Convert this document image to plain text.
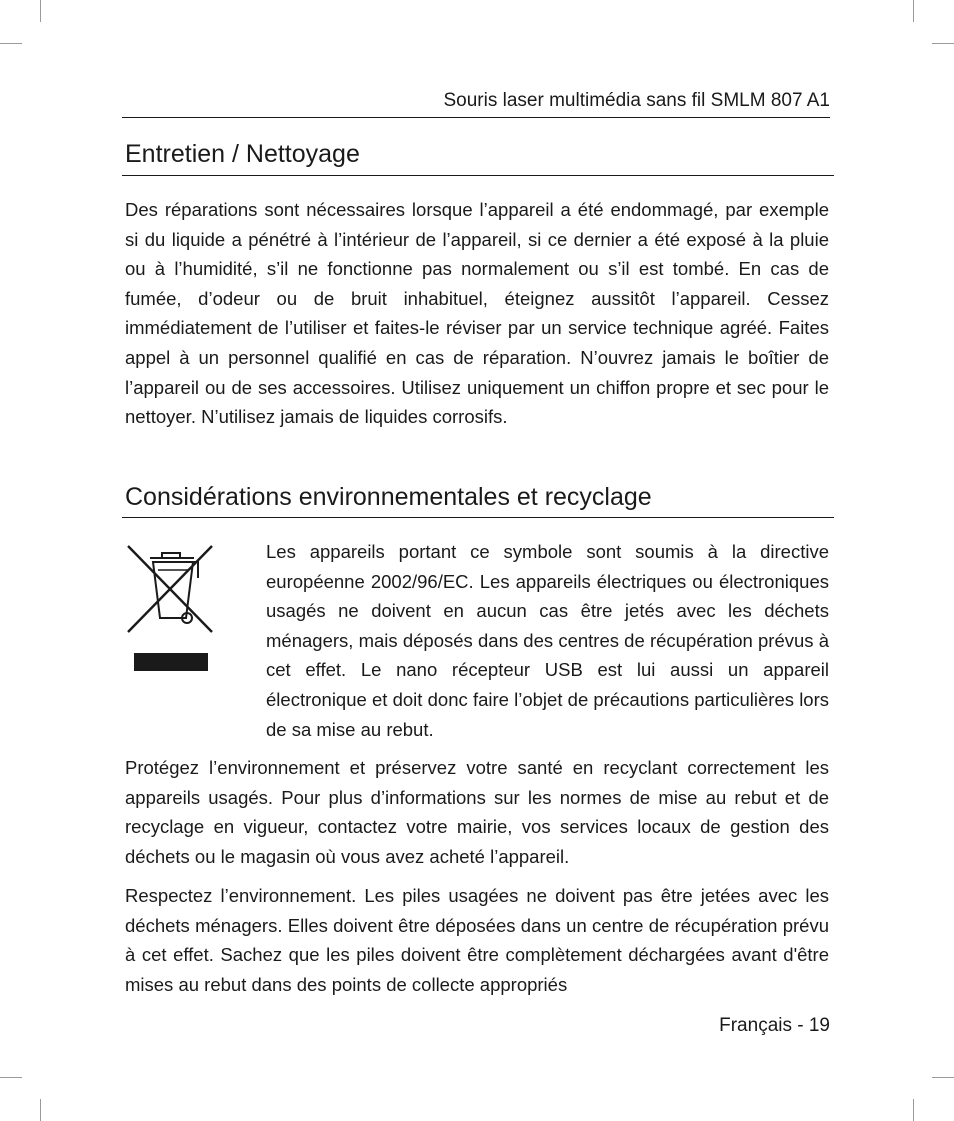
Souris laser multimédia sans fil SMLM 807 A1
Entretien / Nettoyage

Des réparations sont nécessaires lorsque l’appareil a été endommagé, par exemple si du liquide a pénétré à l’intérieur de l’appareil, si ce dernier a été exposé à la pluie ou à l’humidité, s’il ne fonctionne pas normalement ou s’il est tombé. En cas de fumée, d’odeur ou de bruit inhabituel, éteignez aussitôt l’appareil. Cessez immédiatement de l’utiliser et faites-le réviser par un service technique agréé. Faites appel à un personnel qualifié en cas de réparation. N’ouvrez jamais le boîtier de l’appareil ou de ses accessoires. Utilisez uniquement un chiffon propre et sec pour le nettoyer. N’utilisez jamais de liquides corrosifs.

Considérations environnementales et recyclage

Les appareils portant ce symbole sont soumis à la directive européenne 2002/96/EC. Les appareils électriques ou électroniques usagés ne doivent en aucun cas être jetés avec les déchets ménagers, mais déposés dans des centres de récupération prévus à cet effet. Le nano récepteur USB est lui aussi un appareil électronique et doit donc faire l’objet de précautions particulières lors de sa mise au rebut.

Protégez l’environnement et préservez votre santé en recyclant correctement les appareils usagés. Pour plus d’informations sur les normes de mise au rebut et de recyclage en vigueur, contactez votre mairie, vos services locaux de gestion des déchets ou le magasin où vous avez acheté l’appareil.

Respectez l’environnement. Les piles usagées ne doivent pas être jetées avec les déchets ménagers. Elles doivent être déposées dans un centre de récupération prévu à cet effet. Sachez que les piles doivent être complètement déchargées avant d'être mises au rebut dans des points de collecte appropriés

Français - 19
